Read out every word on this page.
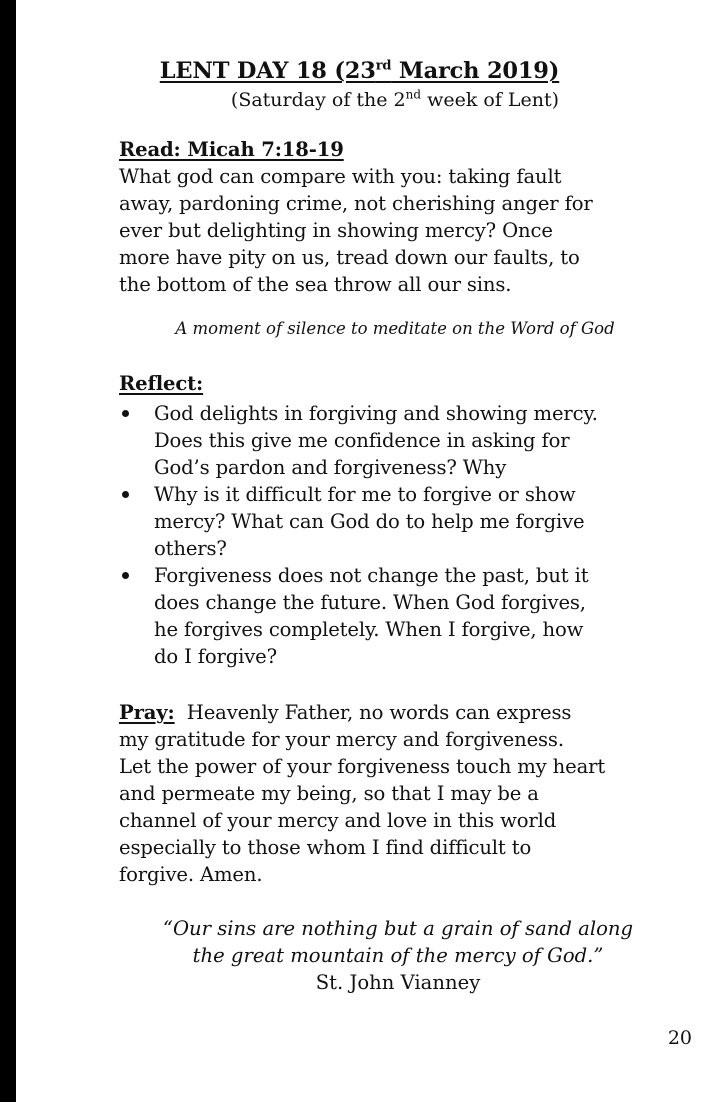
LENT DAY 18 (23rd March 2019)
(Saturday of the 2nd week of Lent)
Read: Micah 7:18-19
What god can compare with you: taking fault
away, pardoning crime, not cherishing anger for
ever but delighting in showing mercy? Once
more have pity on us, tread down our faults, to
the bottom of the sea throw all our sins.
A moment of silence to meditate on the Word of God
Reflect:
God delights in forgiving and showing mercy.
Does this give me confidence in asking for
God’s pardon and forgiveness? Why
Why is it difficult for me to forgive or show
mercy? What can God do to help me forgive
others?
Forgiveness does not change the past, but it
does change the future. When God forgives,
he forgives completely. When I forgive, how
do I forgive?
Pray:  Heavenly Father, no words can express
my gratitude for your mercy and forgiveness.
Let the power of your forgiveness touch my heart
and permeate my being, so that I may be a
channel of your mercy and love in this world
especially to those whom I find difficult to
forgive. Amen.
“Our sins are nothing but a grain of sand along
the great mountain of the mercy of God.”
St. John Vianney
20
